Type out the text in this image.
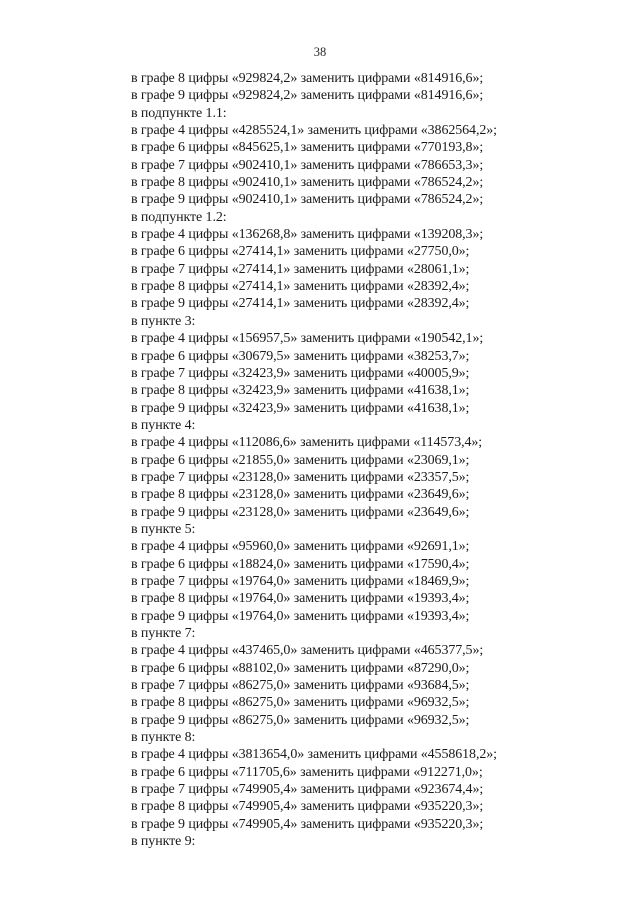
38
в графе 8 цифры «929824,2» заменить цифрами «814916,6»;
в графе 9 цифры «929824,2» заменить цифрами «814916,6»;
в подпункте 1.1:
в графе 4 цифры «4285524,1» заменить цифрами «3862564,2»;
в графе 6 цифры «845625,1» заменить цифрами «770193,8»;
в графе 7 цифры «902410,1» заменить цифрами «786653,3»;
в графе 8 цифры «902410,1» заменить цифрами «786524,2»;
в графе 9 цифры «902410,1» заменить цифрами «786524,2»;
в подпункте 1.2:
в графе 4 цифры «136268,8» заменить цифрами «139208,3»;
в графе 6 цифры «27414,1» заменить цифрами «27750,0»;
в графе 7 цифры «27414,1» заменить цифрами «28061,1»;
в графе 8 цифры «27414,1» заменить цифрами «28392,4»;
в графе 9 цифры «27414,1» заменить цифрами «28392,4»;
в пункте 3:
в графе 4 цифры «156957,5» заменить цифрами «190542,1»;
в графе 6 цифры «30679,5» заменить цифрами «38253,7»;
в графе 7 цифры «32423,9» заменить цифрами «40005,9»;
в графе 8 цифры «32423,9» заменить цифрами «41638,1»;
в графе 9 цифры «32423,9» заменить цифрами «41638,1»;
в пункте 4:
в графе 4 цифры «112086,6» заменить цифрами «114573,4»;
в графе 6 цифры «21855,0» заменить цифрами «23069,1»;
в графе 7 цифры «23128,0» заменить цифрами «23357,5»;
в графе 8 цифры «23128,0» заменить цифрами «23649,6»;
в графе 9 цифры «23128,0» заменить цифрами «23649,6»;
в пункте 5:
в графе 4 цифры «95960,0» заменить цифрами «92691,1»;
в графе 6 цифры «18824,0» заменить цифрами «17590,4»;
в графе 7 цифры «19764,0» заменить цифрами «18469,9»;
в графе 8 цифры «19764,0» заменить цифрами «19393,4»;
в графе 9 цифры «19764,0» заменить цифрами «19393,4»;
в пункте 7:
в графе 4 цифры «437465,0» заменить цифрами «465377,5»;
в графе 6 цифры «88102,0» заменить цифрами «87290,0»;
в графе 7 цифры «86275,0» заменить цифрами «93684,5»;
в графе 8 цифры «86275,0» заменить цифрами «96932,5»;
в графе 9 цифры «86275,0» заменить цифрами «96932,5»;
в пункте 8:
в графе 4 цифры «3813654,0» заменить цифрами «4558618,2»;
в графе 6 цифры «711705,6» заменить цифрами «912271,0»;
в графе 7 цифры «749905,4» заменить цифрами «923674,4»;
в графе 8 цифры «749905,4» заменить цифрами «935220,3»;
в графе 9 цифры «749905,4» заменить цифрами «935220,3»;
в пункте 9:
